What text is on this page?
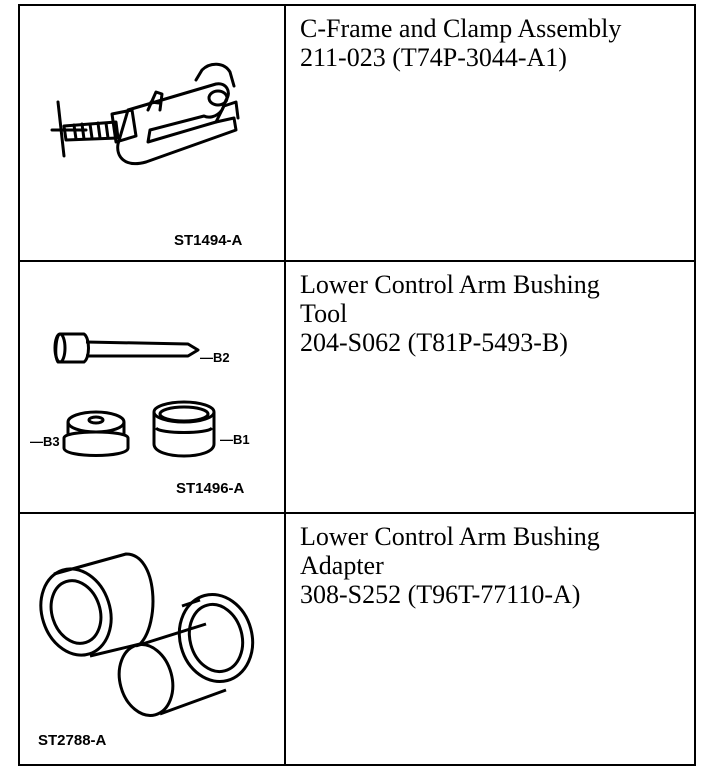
ST1494-A

C-Frame and Clamp Assembly

211-023 (T74P-3044-A1)

—B2
—B3	—B1
ST1496-A

Lower Control Arm Bushing

Tool

204-S062 (T81P-5493-B)

ST2788-A

Lower Control Arm Bushing

Adapter

308-S252 (T96T-77110-A)
